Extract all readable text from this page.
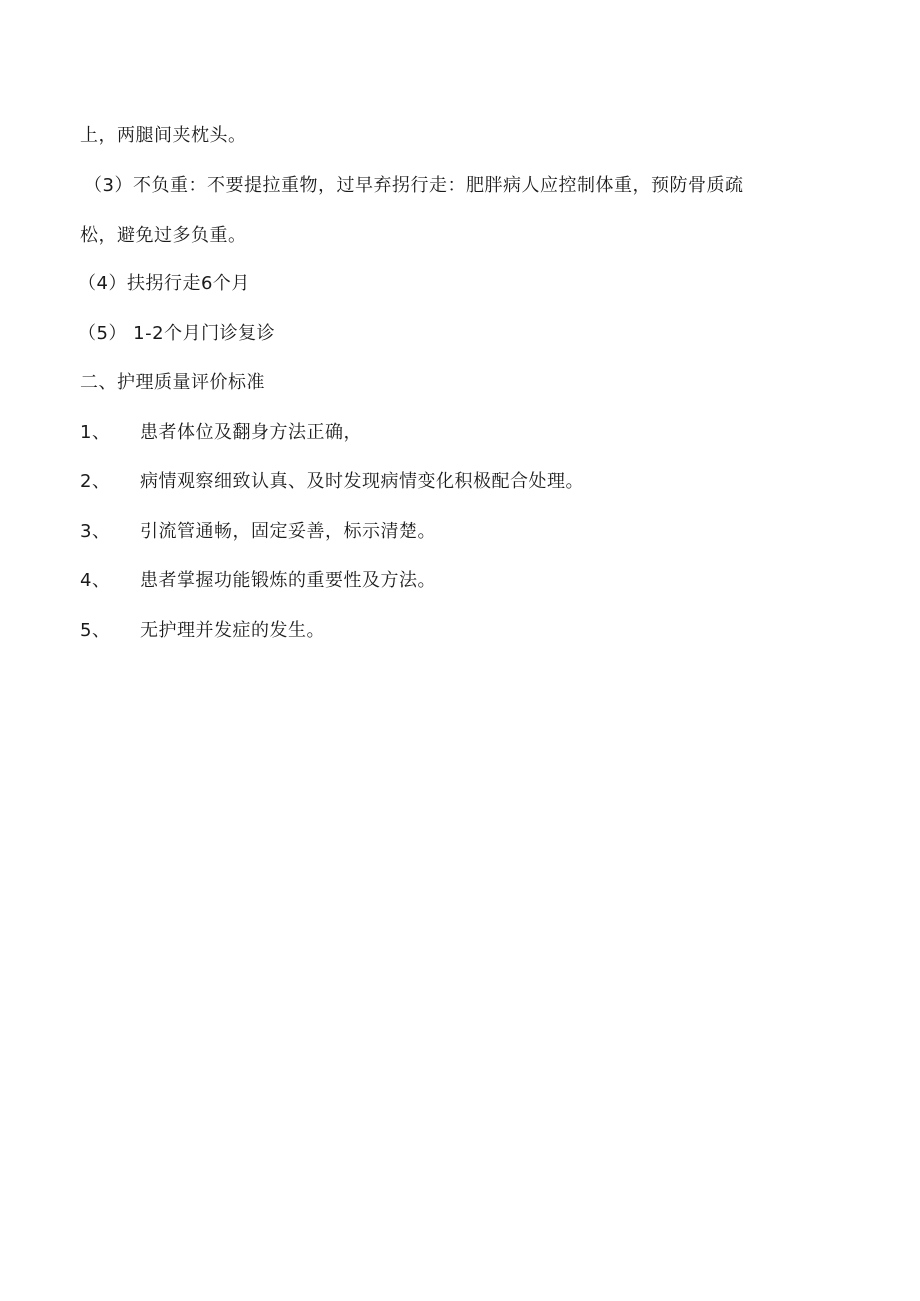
上，两腿间夹枕头。
（3）不负重：不要提拉重物，过早弃拐行走：肥胖病人应控制体重，预防骨质疏
松，避免过多负重。
（4）扶拐行走6个月
（5） 1-2个月门诊复诊
二、护理质量评价标准
1、 患者体位及翻身方法正确，
2、 病情观察细致认真、及时发现病情变化积极配合处理。
3、 引流管通畅，固定妥善，标示清楚。
4、 患者掌握功能锻炼的重要性及方法。
5、 无护理并发症的发生。
